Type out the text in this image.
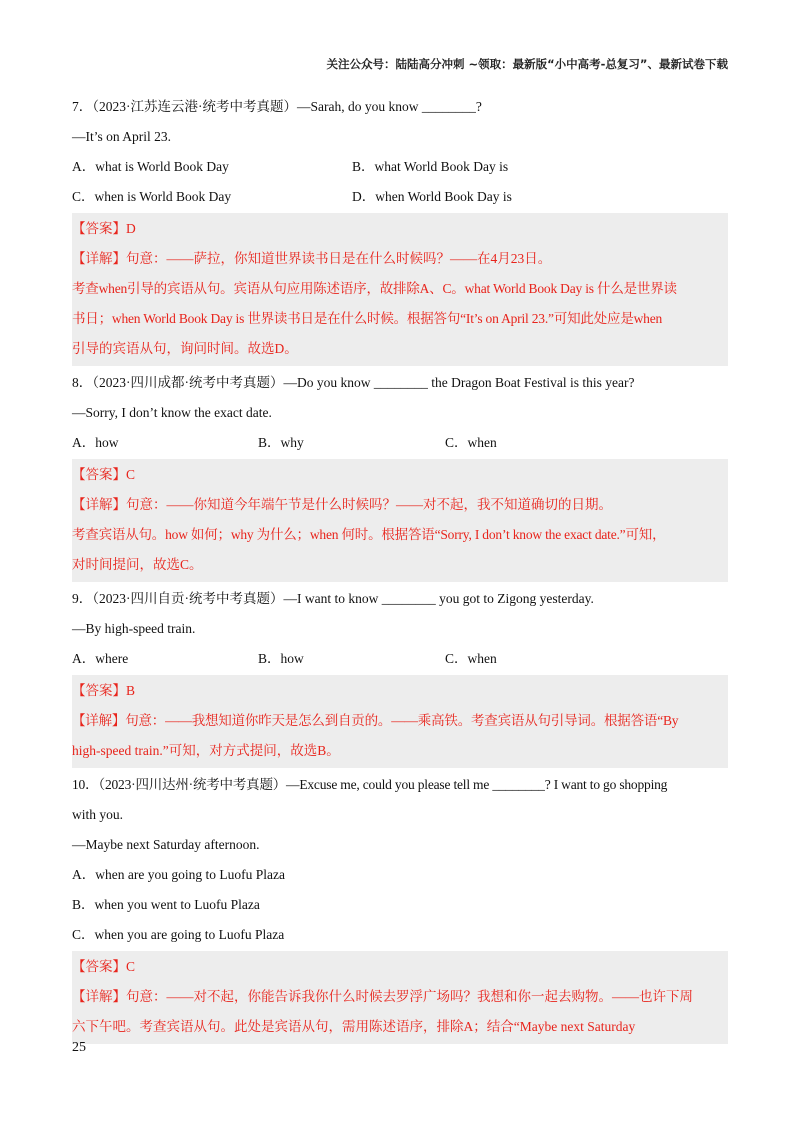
关注公众号：陆陆高分冲刺 ~领取：最新版“小中高考-总复习”、最新试卷下载
7．（2023·江苏连云港·统考中考真题）—Sarah, do you know ________?
—It’s on April 23.
A．what is World Book Day	B．what World Book Day is
C．when is World Book Day	D．when World Book Day is
【答案】D
【详解】句意：——萨拉，你知道世界读书日是在什么时候吗？——在4月23日。
考查when引导的宾语从句。宾语从句应用陈述语序，故排除A、C。what World Book Day is 什么是世界读
书日；when World Book Day is 世界读书日是在什么时候。根据答句“It’s on April 23.”可知此处应是when
引导的宾语从句，询问时间。故选D。
8．（2023·四川成都·统考中考真题）—Do you know ________ the Dragon Boat Festival is this year?
—Sorry, I don’t know the exact date.
A．how	B．why	C．when
【答案】C
【详解】句意：——你知道今年端午节是什么时候吗？——对不起，我不知道确切的日期。
考查宾语从句。how 如何；why 为什么；when 何时。根据答语“Sorry, I don’t know the exact date.”可知，
对时间提问，故选C。
9．（2023·四川自贡·统考中考真题）—I want to know ________ you got to Zigong yesterday.
—By high-speed train.
A．where	B．how	C．when
【答案】B
【详解】句意：——我想知道你昨天是怎么到自贡的。——乘高铁。考查宾语从句引导词。根据答语“By
high-speed train.”可知，对方式提问，故选B。
10．（2023·四川达州·统考中考真题）—Excuse me, could you please tell me ________? I want to go shopping
with you.
—Maybe next Saturday afternoon.
A．when are you going to Luofu Plaza
B．when you went to Luofu Plaza
C．when you are going to Luofu Plaza
【答案】C
【详解】句意：——对不起，你能告诉我你什么时候去罗浮广场吗？我想和你一起去购物。——也许下周
六下午吧。考查宾语从句。此处是宾语从句，需用陈述语序，排除A；结合“Maybe next Saturday
25
